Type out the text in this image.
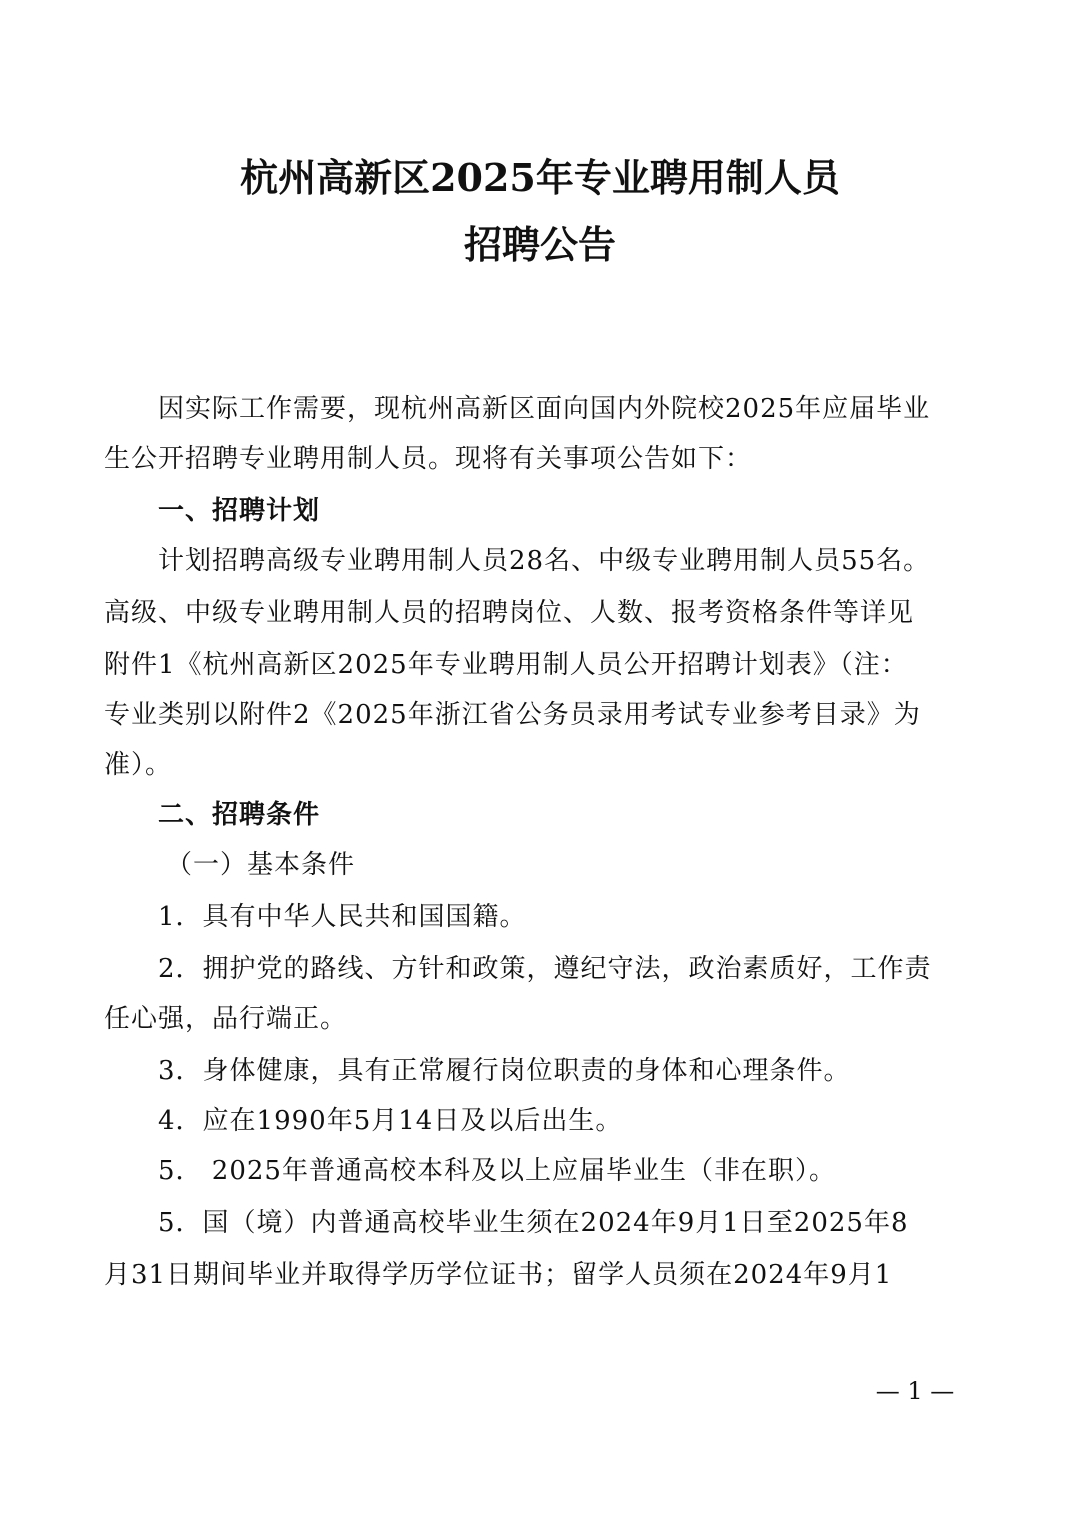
杭州高新区2025年专业聘用制人员
招聘公告
因实际工作需要，现杭州高新区面向国内外院校2025年应届毕业
生公开招聘专业聘用制人员。现将有关事项公告如下：
一、招聘计划
计划招聘高级专业聘用制人员28名、中级专业聘用制人员55名。
高级、中级专业聘用制人员的招聘岗位、人数、报考资格条件等详见
附件1《杭州高新区2025年专业聘用制人员公开招聘计划表》（注：
专业类别以附件2《2025年浙江省公务员录用考试专业参考目录》为
准）。
二、招聘条件
（一）基本条件
1．具有中华人民共和国国籍。
2．拥护党的路线、方针和政策，遵纪守法，政治素质好，工作责
任心强，品行端正。
3．身体健康，具有正常履行岗位职责的身体和心理条件。
4．应在1990年5月14日及以后出生。
5． 2025年普通高校本科及以上应届毕业生（非在职）。
5．国（境）内普通高校毕业生须在2024年9月1日至2025年8
月31日期间毕业并取得学历学位证书；留学人员须在2024年9月1
— 1 —
